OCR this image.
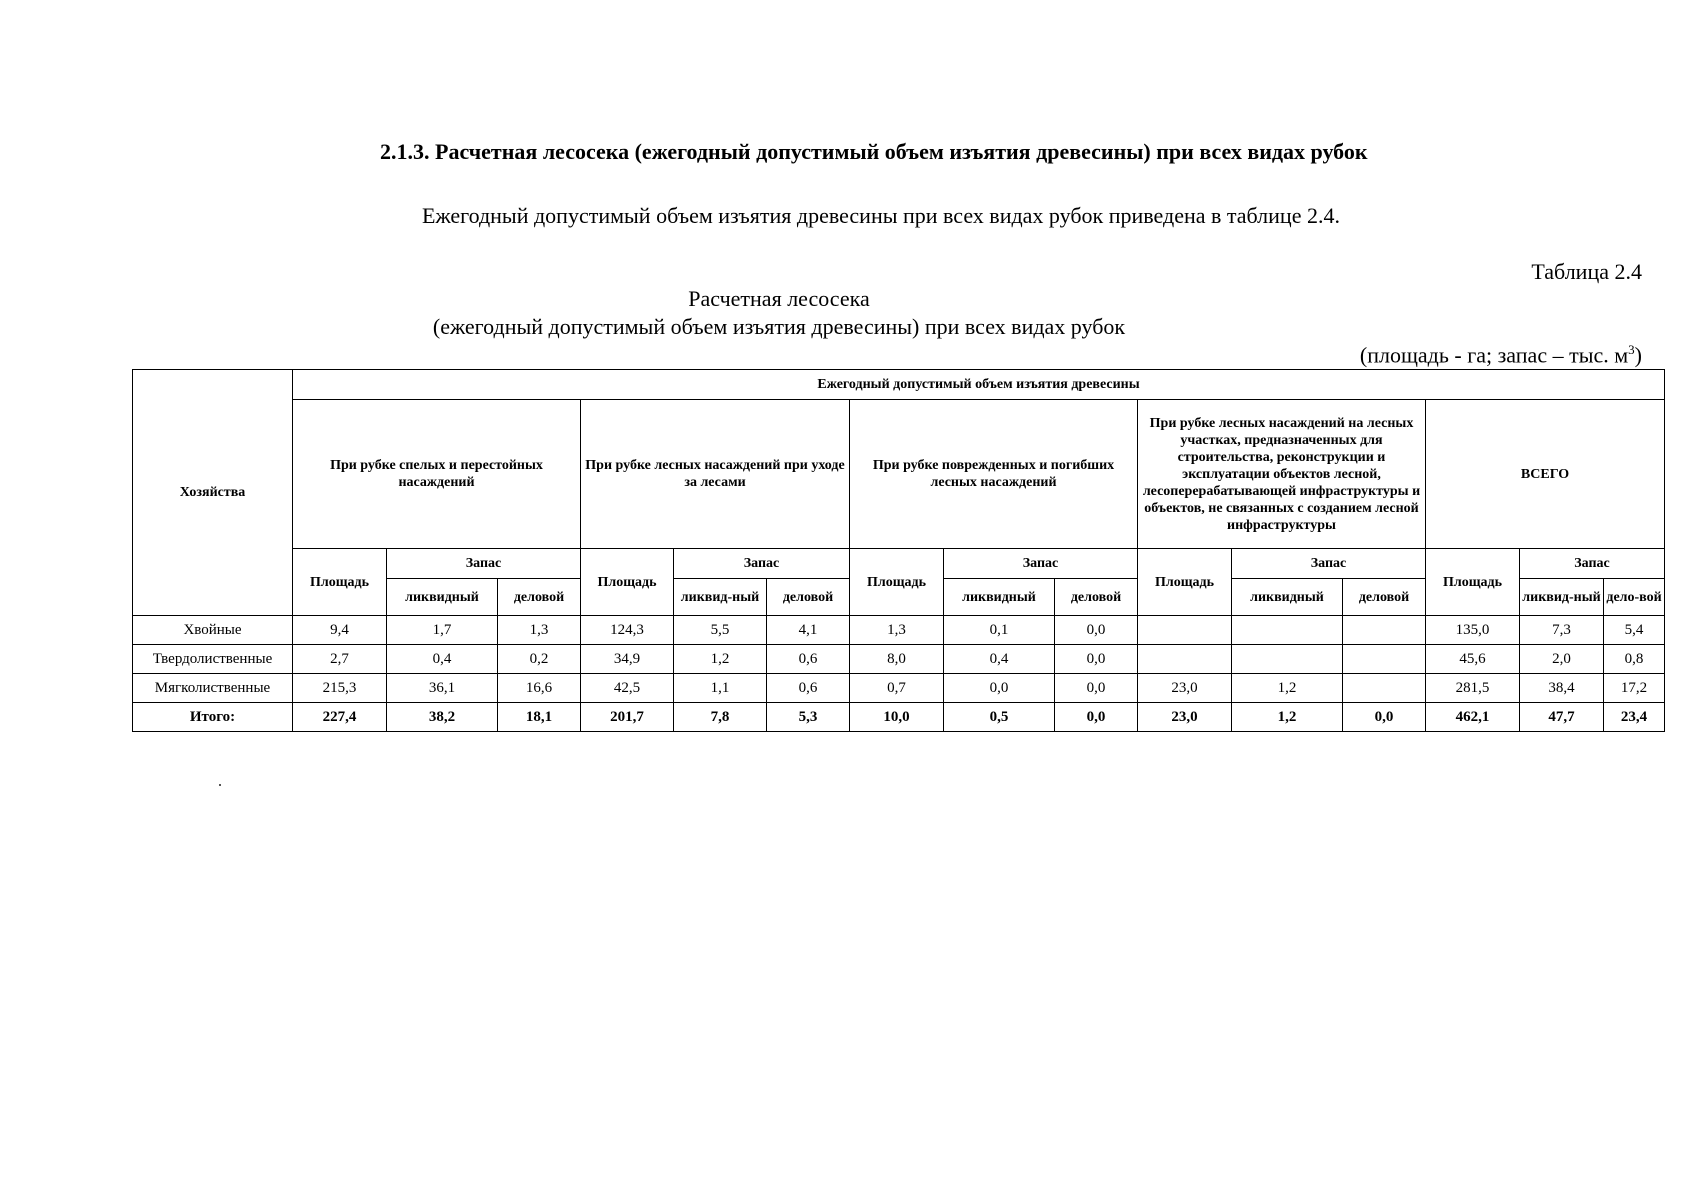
2.1.3. Расчетная лесосека (ежегодный допустимый объем изъятия древесины) при всех видах рубок
Ежегодный допустимый объем изъятия древесины при всех видах рубок приведена в таблице 2.4.
Таблица 2.4
Расчетная лесосека
(ежегодный допустимый объем изъятия древесины) при всех видах рубок
(площадь - га; запас – тыс. $м^3$)
Хозяйства	Ежегодный допустимый объем изъятия древесины														
	При рубке спелых и перестойных насаждений			При рубке лесных насаждений при уходе за лесами			При рубке поврежденных и погибших лесных насаждений			При рубке лесных насаждений на лесных участках, предназначенных для строительства, реконструкции и эксплуатации объектов лесной, лесоперерабатывающей инфраструктуры и объектов, не связанных с созданием лесной инфраструктуры			ВСЕГО		
	Площадь	Запас		Площадь	Запас		Площадь	Запас		Площадь	Запас		Площадь	Запас	
		ликвидный	деловой		ликвид-ный	деловой		ликвидный	деловой		ликвидный	деловой		ликвид-ный	дело-вой
Хвойные	9,4	1,7	1,3	124,3	5,5	4,1	1,3	0,1	0,0				135,0	7,3	5,4
Твердолиственные	2,7	0,4	0,2	34,9	1,2	0,6	8,0	0,4	0,0				45,6	2,0	0,8
Мягколиственные	215,3	36,1	16,6	42,5	1,1	0,6	0,7	0,0	0,0	23,0	1,2		281,5	38,4	17,2
Итого:	227,4	38,2	18,1	201,7	7,8	5,3	10,0	0,5	0,0	23,0	1,2	0,0	462,1	47,7	23,4
